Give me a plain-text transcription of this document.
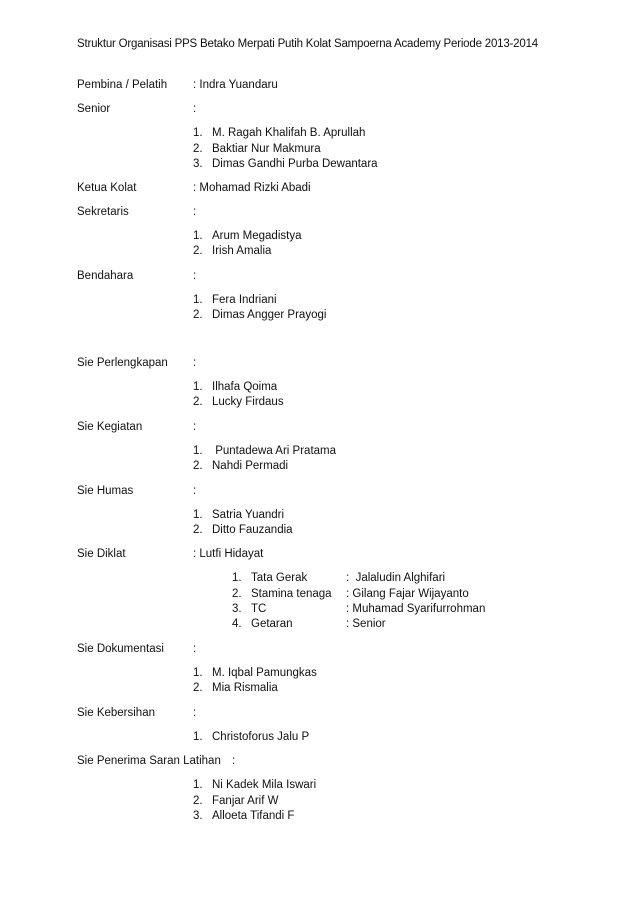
Struktur Organisasi PPS Betako Merpati Putih Kolat Sampoerna Academy Periode 2013-2014
Pembina / Pelatih : Indra Yuandaru
Senior	:
1. M. Ragah Khalifah B. Aprullah
2. Baktiar Nur Makmura
3. Dimas Gandhi Purba Dewantara
Ketua Kolat	: Mohamad Rizki Abadi
Sekretaris	:
1. Arum Megadistya
2. Irish Amalia
Bendahara	:
1. Fera Indriani
2. Dimas Angger Prayogi
Sie Perlengkapan :
1. Ilhafa Qoima
2. Lucky Firdaus
Sie Kegiatan	:
1. Puntadewa Ari Pratama
2. Nahdi Permadi
Sie Humas	:
1. Satria Yuandri
2. Ditto Fauzandia
Sie Diklat	: Lutfi Hidayat
1. Tata Gerak	:  Jalaludin Alghifari
2. Stamina tenaga : Gilang Fajar Wijayanto
3. TC	: Muhamad Syarifurrohman
4. Getaran	: Senior
Sie Dokumentasi	:
1. M. Iqbal Pamungkas
2. Mia Rismalia
Sie Kebersihan	:
1. Christoforus Jalu P
Sie Penerima Saran Latihan :
1. Ni Kadek Mila Iswari
2. Fanjar Arif W
3. Alloeta Tifandi F
